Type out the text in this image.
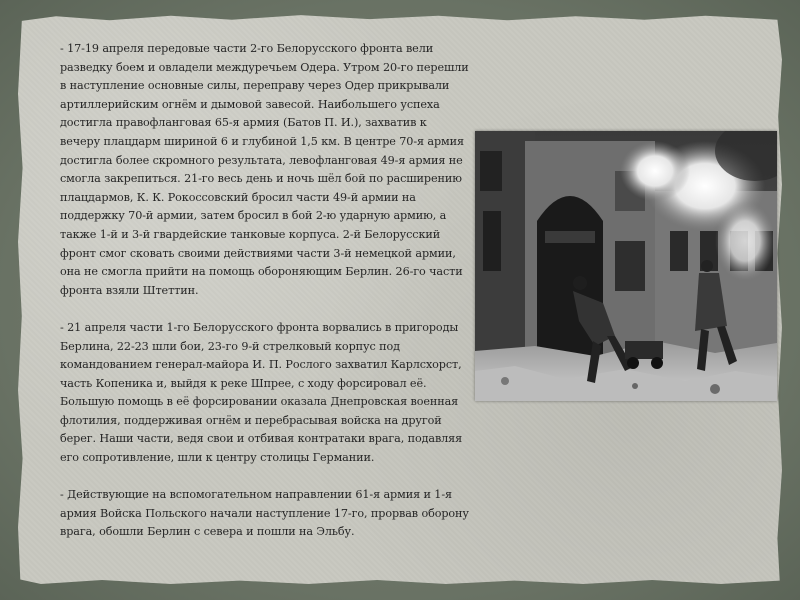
- 17-19 апреля передовые части 2-го Белорусского фронта вели разведку боем и овладели междуречьем Одера. Утром 20-го перешли в наступление основные силы, переправу через Одер прикрывали артиллерийским огнём и дымовой завесой. Наибольшего успеха достигла правофланговая 65-я армия (Батов П. И.), захватив к вечеру плацдарм шириной 6 и глубиной 1,5 км. В центре 70-я армия достигла более скромного результата, левофланговая 49-я армия не смогла закрепиться. 21-го весь день и ночь шёл бой по расширению плацдармов, К. К. Рокоссовский бросил части 49-й армии на поддержку 70-й армии, затем бросил в бой 2-ю ударную армию, а также 1-й и 3-й гвардейские танковые корпуса. 2-й Белорусский фронт смог сковать своими действиями части 3-й немецкой армии, она не смогла прийти на помощь обороняющим Берлин. 26-го части фронта взяли Штеттин.

- 21 апреля части 1-го Белорусского фронта ворвались в пригороды Берлина, 22-23 шли бои, 23-го 9-й стрелковый корпус под командованием генерал-майора И. П. Рослого захватил Карлсхорст, часть Копеника и, выйдя к реке Шпрее, с ходу форсировал её. Большую помощь в её форсировании оказала Днепровская военная флотилия, поддерживая огнём и перебрасывая войска на другой берег. Наши части, ведя свои и отбивая контратаки врага, подавляя его сопротивление, шли к центру столицы Германии.

- Действующие на вспомогательном направлении 61-я армия и 1-я армия Войска Польского начали наступление 17-го, прорвав оборону врага, обошли Берлин с севера и пошли на Эльбу.
